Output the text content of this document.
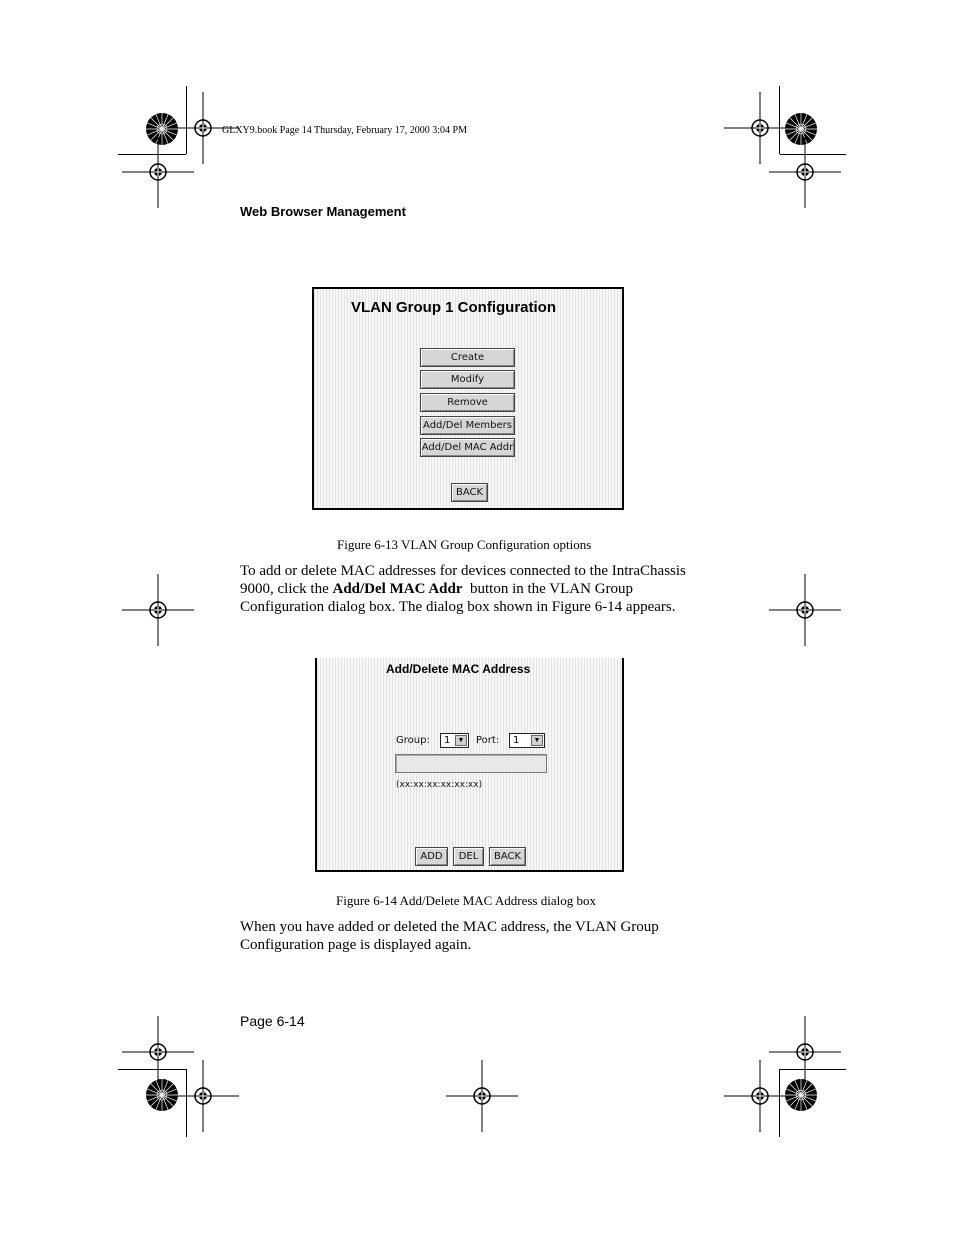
GLXY9.book Page 14 Thursday, February 17, 2000 3:04 PM
Web Browser Management
VLAN Group 1 Configuration
Create
Modify
Remove
Add/Del Members
Add/Del MAC Addr
BACK
Figure 6-13 VLAN Group Configuration options
To add or delete MAC addresses for devices connected to the IntraChassis
9000, click the Add/Del MAC Addr  button in the VLAN Group
Configuration dialog box. The dialog box shown in Figure 6-14 appears.
Add/Delete MAC Address
Group: 1	▼ Port: 1	▼
(xx:xx:xx:xx:xx:xx)
ADD	DEL	BACK
Figure 6-14 Add/Delete MAC Address dialog box
When you have added or deleted the MAC address, the VLAN Group
Configuration page is displayed again.
Page 6-14
